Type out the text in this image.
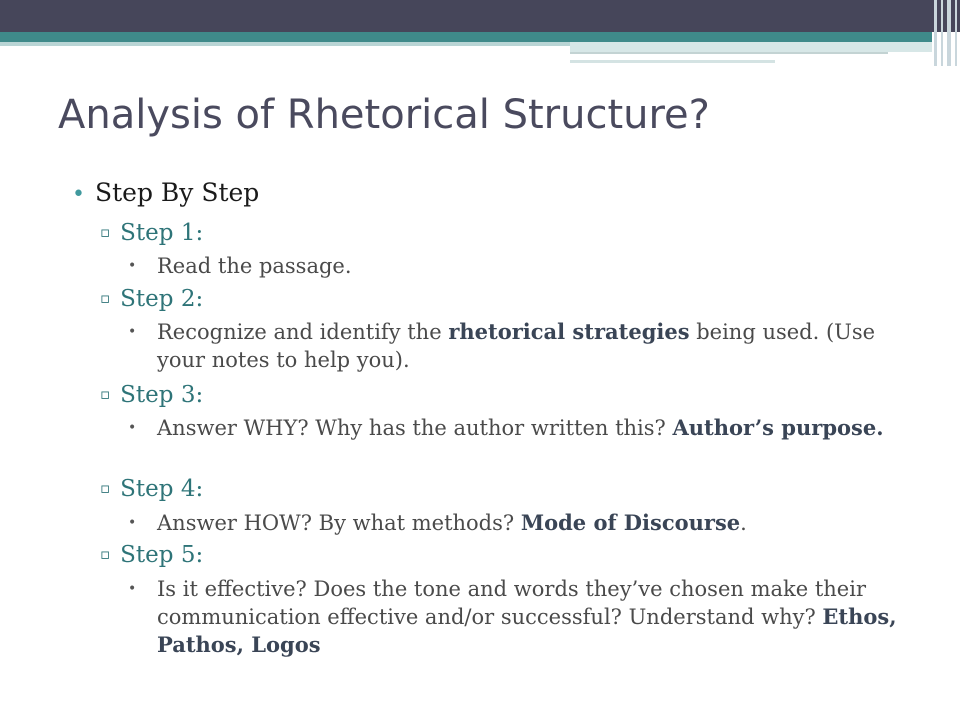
Analysis of Rhetorical Structure?
• Step By Step
▫ Step 1:
• Read the passage.
▫ Step 2:
• Recognize and identify the rhetorical strategies being used. (Use your notes to help you).
▫ Step 3:
• Answer WHY? Why has the author written this? Author’s purpose.
▫ Step 4:
• Answer HOW? By what methods? Mode of Discourse.
▫ Step 5:
• Is it effective? Does the tone and words they’ve chosen make their communication effective and/or successful? Understand why? Ethos, Pathos, Logos
